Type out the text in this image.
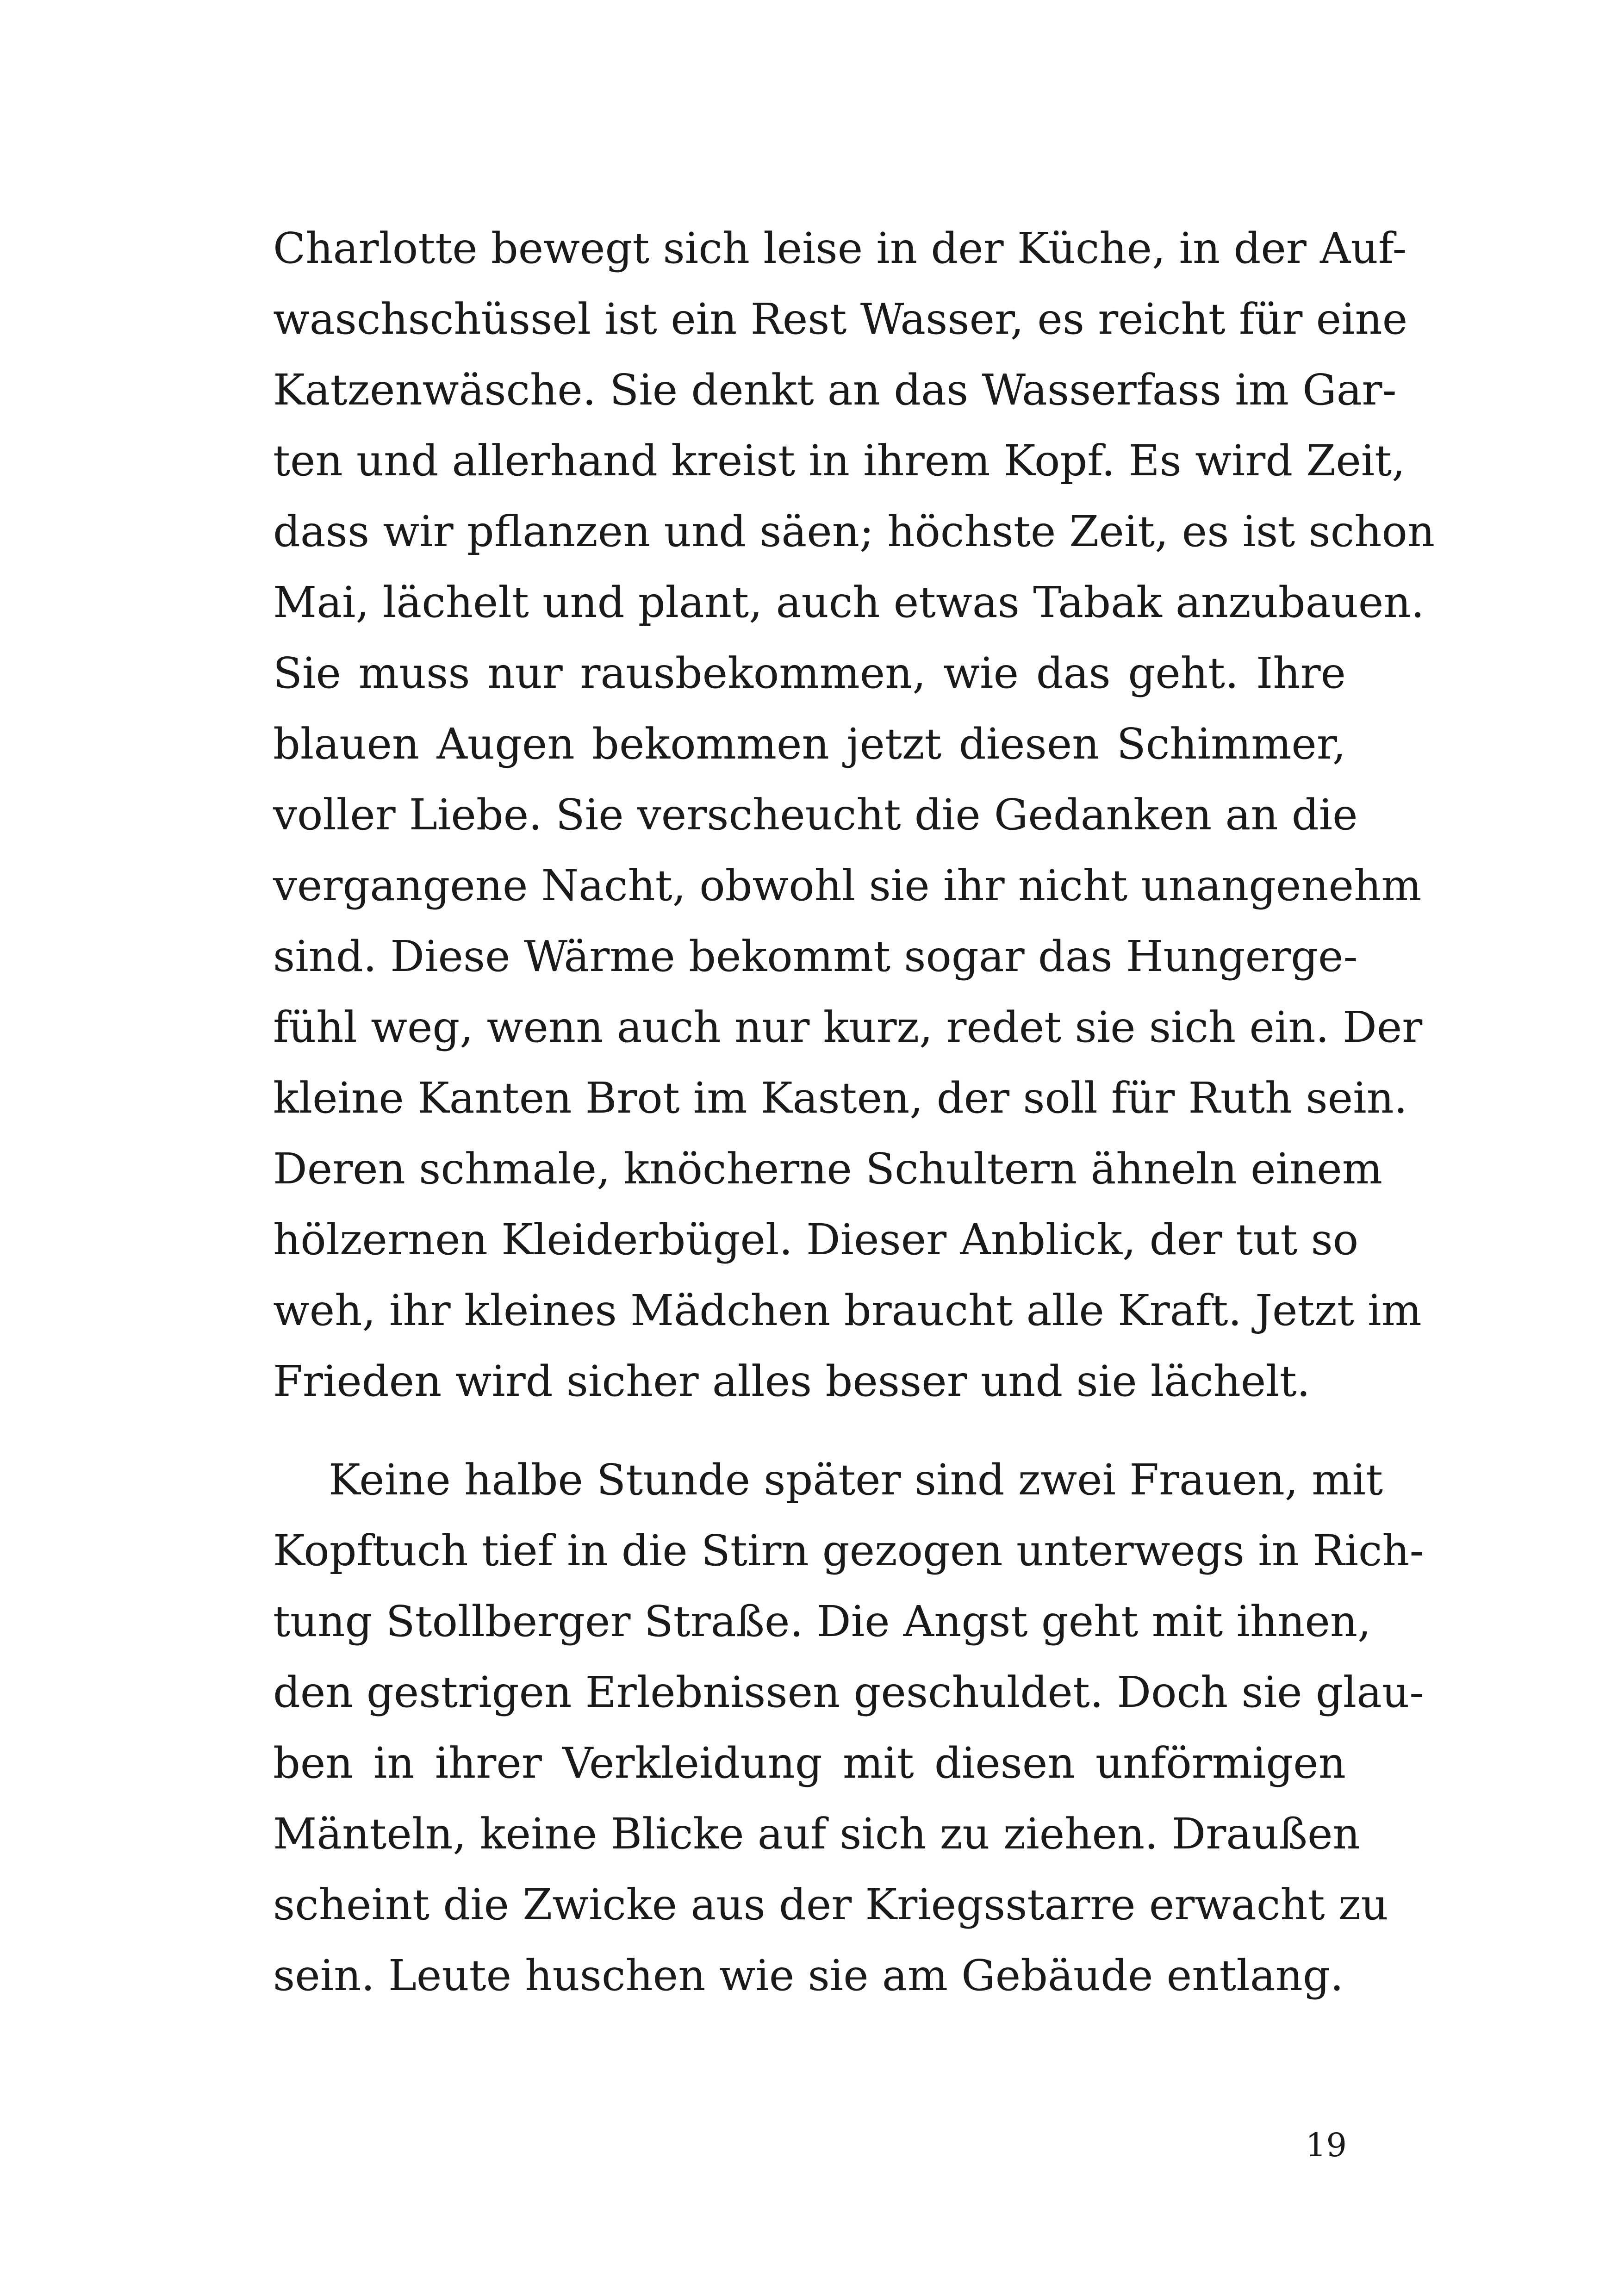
Charlotte bewegt sich leise in der Küche, in der Auf-
waschschüssel ist ein Rest Wasser, es reicht für eine
Katzenwäsche. Sie denkt an das Wasserfass im Gar-
ten und allerhand kreist in ihrem Kopf. Es wird Zeit,
dass wir pflanzen und säen; höchste Zeit, es ist schon
Mai, lächelt und plant, auch etwas Tabak anzubauen.
Sie muss nur rausbekommen, wie das geht. Ihre
blauen Augen bekommen jetzt diesen Schimmer,
voller Liebe. Sie verscheucht die Gedanken an die
vergangene Nacht, obwohl sie ihr nicht unangenehm
sind. Diese Wärme bekommt sogar das Hungerge-
fühl weg, wenn auch nur kurz, redet sie sich ein. Der
kleine Kanten Brot im Kasten, der soll für Ruth sein.
Deren schmale, knöcherne Schultern ähneln einem
hölzernen Kleiderbügel. Dieser Anblick, der tut so
weh, ihr kleines Mädchen braucht alle Kraft. Jetzt im
Frieden wird sicher alles besser und sie lächelt.
Keine halbe Stunde später sind zwei Frauen, mit
Kopftuch tief in die Stirn gezogen unterwegs in Rich-
tung Stollberger Straße. Die Angst geht mit ihnen,
den gestrigen Erlebnissen geschuldet. Doch sie glau-
ben in ihrer Verkleidung mit diesen unförmigen
Mänteln, keine Blicke auf sich zu ziehen. Draußen
scheint die Zwicke aus der Kriegsstarre erwacht zu
sein. Leute huschen wie sie am Gebäude entlang.
19
